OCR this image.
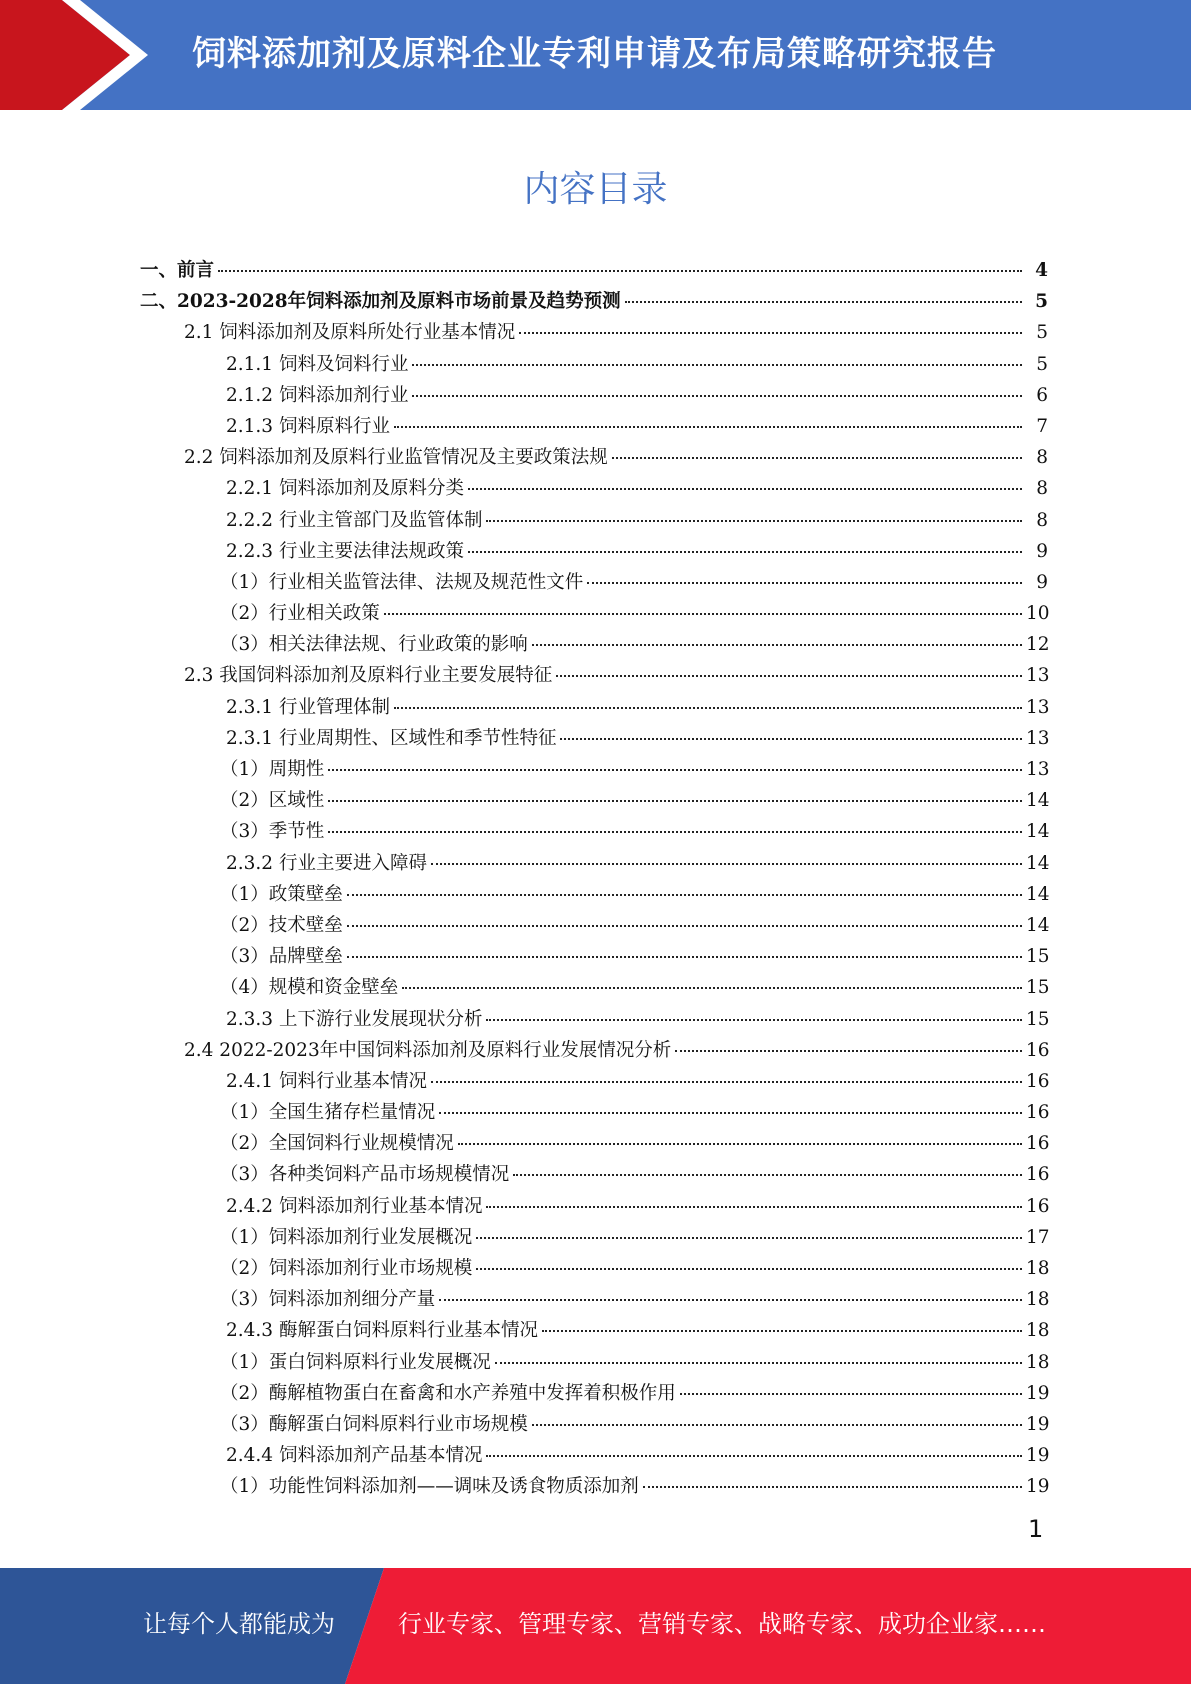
饲料添加剂及原料企业专利申请及布局策略研究报告
内容目录
一、前言	4
二、2023-2028年饲料添加剂及原料市场前景及趋势预测	5
2.1 饲料添加剂及原料所处行业基本情况	5
2.1.1 饲料及饲料行业	5
2.1.2 饲料添加剂行业	6
2.1.3 饲料原料行业	7
2.2 饲料添加剂及原料行业监管情况及主要政策法规	8
2.2.1 饲料添加剂及原料分类	8
2.2.2 行业主管部门及监管体制	8
2.2.3 行业主要法律法规政策	9
（1）行业相关监管法律、法规及规范性文件	9
（2）行业相关政策	10
（3）相关法律法规、行业政策的影响	12
2.3 我国饲料添加剂及原料行业主要发展特征	13
2.3.1 行业管理体制	13
2.3.1 行业周期性、区域性和季节性特征	13
（1）周期性	13
（2）区域性	14
（3）季节性	14
2.3.2 行业主要进入障碍	14
（1）政策壁垒	14
（2）技术壁垒	14
（3）品牌壁垒	15
（4）规模和资金壁垒	15
2.3.3 上下游行业发展现状分析	15
2.4 2022-2023年中国饲料添加剂及原料行业发展情况分析	16
2.4.1 饲料行业基本情况	16
（1）全国生猪存栏量情况	16
（2）全国饲料行业规模情况	16
（3）各种类饲料产品市场规模情况	16
2.4.2 饲料添加剂行业基本情况	16
（1）饲料添加剂行业发展概况	17
（2）饲料添加剂行业市场规模	18
（3）饲料添加剂细分产量	18
2.4.3 酶解蛋白饲料原料行业基本情况	18
（1）蛋白饲料原料行业发展概况	18
（2）酶解植物蛋白在畜禽和水产养殖中发挥着积极作用	19
（3）酶解蛋白饲料原料行业市场规模	19
2.4.4 饲料添加剂产品基本情况	19
（1）功能性饲料添加剂——调味及诱食物质添加剂	19
1
让每个人都能成为	行业专家、管理专家、营销专家、战略专家、成功企业家……
